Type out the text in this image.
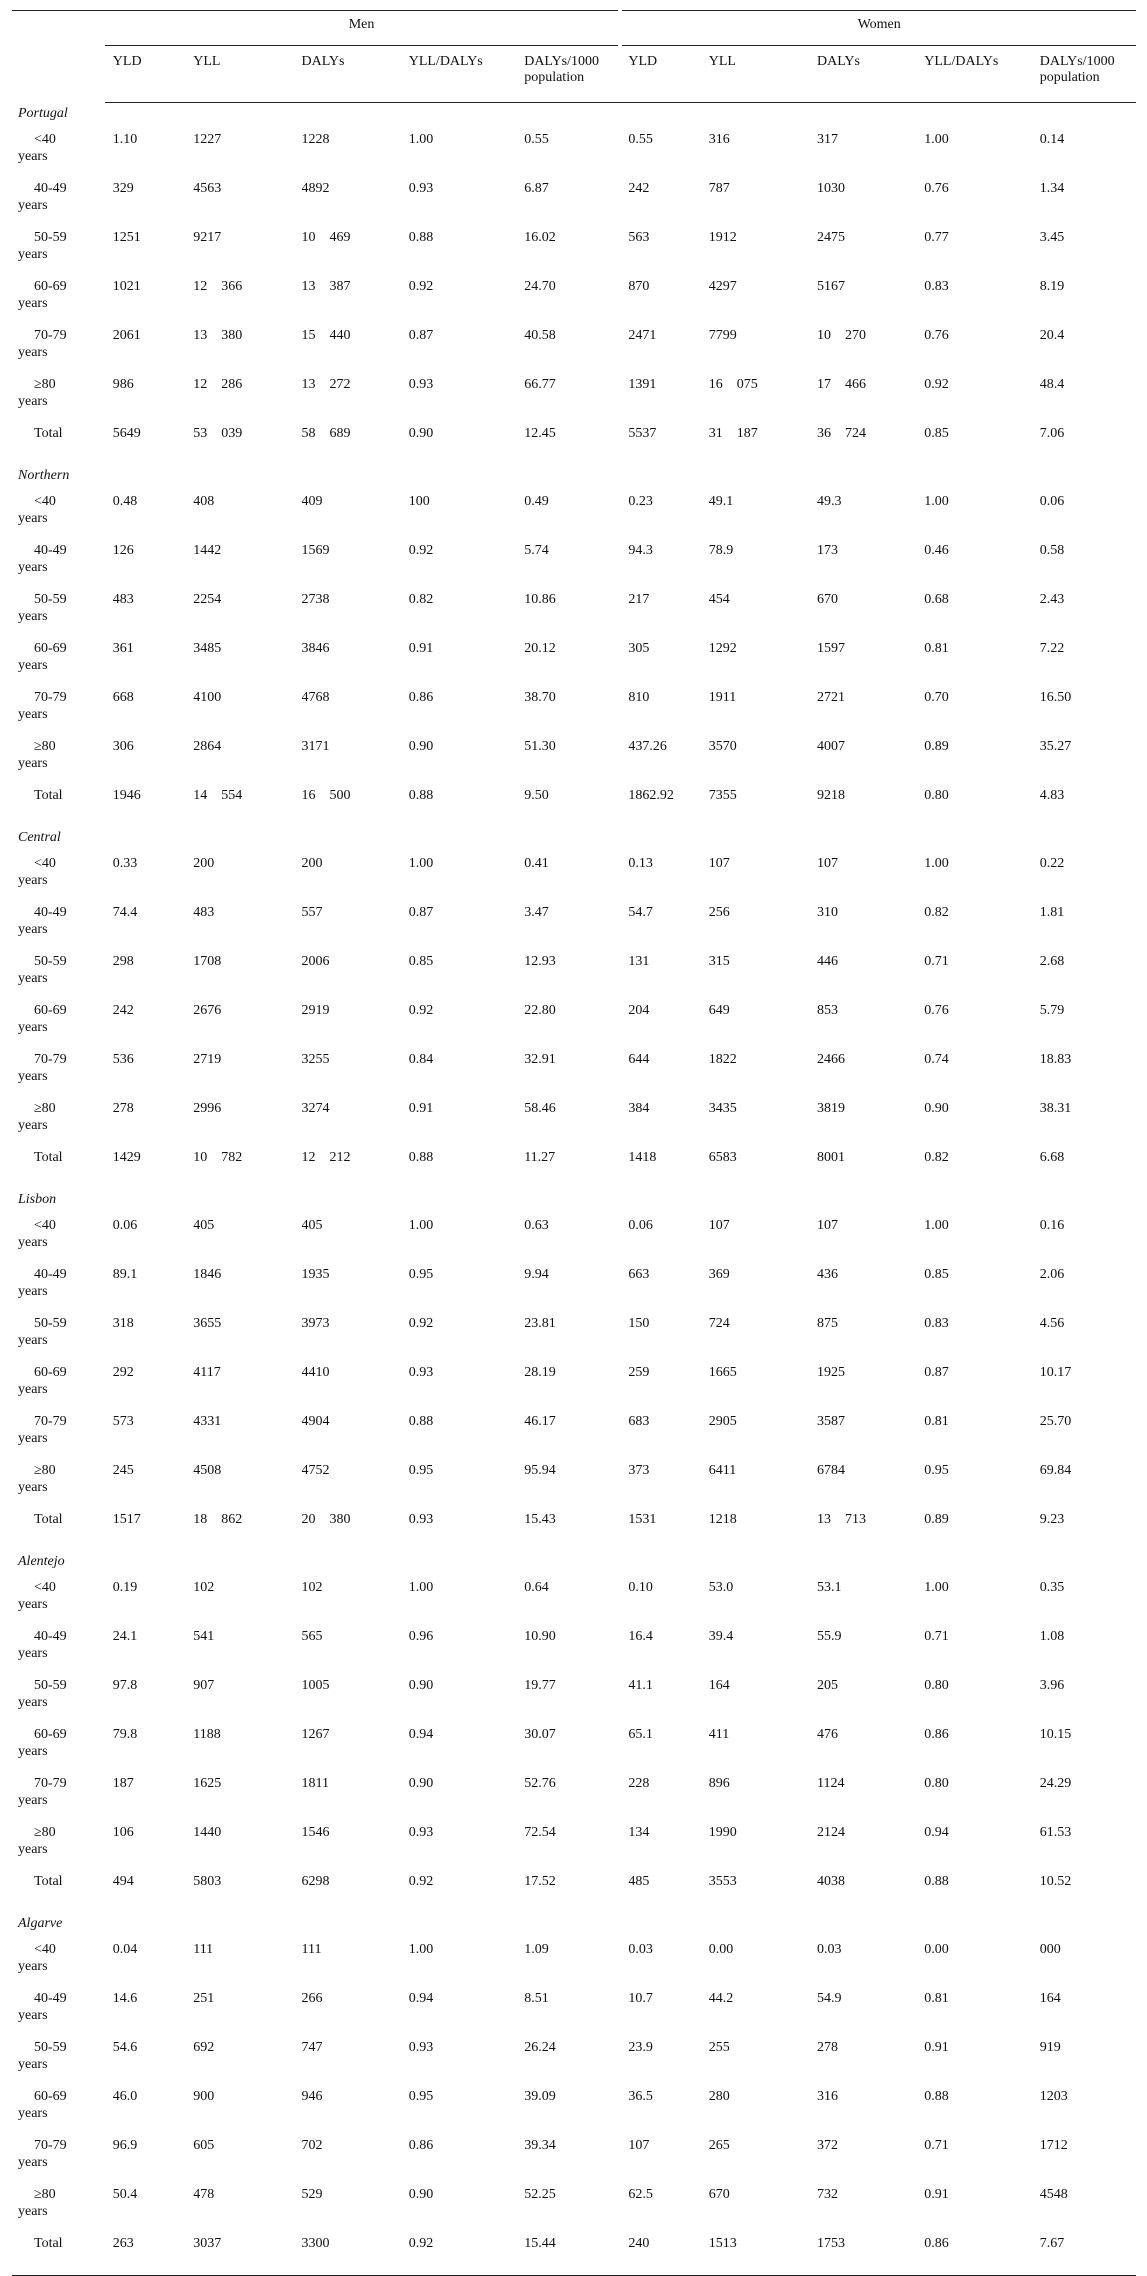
	Men					Women				
	YLD	YLL	DALYs	YLL/DALYs	DALYs/1000 population	YLD	YLL	DALYs	YLL/DALYs	DALYs/1000 population
Portugal										
<40
years	1.10	1227	1228	1.00	0.55	0.55	316	317	1.00	0.14
40-49
years	329	4563	4892	0.93	6.87	242	787	1030	0.76	1.34
50-59
years	1251	9217	10 469	0.88	16.02	563	1912	2475	0.77	3.45
60-69
years	1021	12 366	13 387	0.92	24.70	870	4297	5167	0.83	8.19
70-79
years	2061	13 380	15 440	0.87	40.58	2471	7799	10 270	0.76	20.4
≥80
years	986	12 286	13 272	0.93	66.77	1391	16 075	17 466	0.92	48.4
Total	5649	53 039	58 689	0.90	12.45	5537	31 187	36 724	0.85	7.06
Northern										
<40
years	0.48	408	409	100	0.49	0.23	49.1	49.3	1.00	0.06
40-49
years	126	1442	1569	0.92	5.74	94.3	78.9	173	0.46	0.58
50-59
years	483	2254	2738	0.82	10.86	217	454	670	0.68	2.43
60-69
years	361	3485	3846	0.91	20.12	305	1292	1597	0.81	7.22
70-79
years	668	4100	4768	0.86	38.70	810	1911	2721	0.70	16.50
≥80
years	306	2864	3171	0.90	51.30	437.26	3570	4007	0.89	35.27
Total	1946	14 554	16 500	0.88	9.50	1862.92	7355	9218	0.80	4.83
Central										
<40
years	0.33	200	200	1.00	0.41	0.13	107	107	1.00	0.22
40-49
years	74.4	483	557	0.87	3.47	54.7	256	310	0.82	1.81
50-59
years	298	1708	2006	0.85	12.93	131	315	446	0.71	2.68
60-69
years	242	2676	2919	0.92	22.80	204	649	853	0.76	5.79
70-79
years	536	2719	3255	0.84	32.91	644	1822	2466	0.74	18.83
≥80
years	278	2996	3274	0.91	58.46	384	3435	3819	0.90	38.31
Total	1429	10 782	12 212	0.88	11.27	1418	6583	8001	0.82	6.68
Lisbon										
<40
years	0.06	405	405	1.00	0.63	0.06	107	107	1.00	0.16
40-49
years	89.1	1846	1935	0.95	9.94	663	369	436	0.85	2.06
50-59
years	318	3655	3973	0.92	23.81	150	724	875	0.83	4.56
60-69
years	292	4117	4410	0.93	28.19	259	1665	1925	0.87	10.17
70-79
years	573	4331	4904	0.88	46.17	683	2905	3587	0.81	25.70
≥80
years	245	4508	4752	0.95	95.94	373	6411	6784	0.95	69.84
Total	1517	18 862	20 380	0.93	15.43	1531	1218	13 713	0.89	9.23
Alentejo										
<40
years	0.19	102	102	1.00	0.64	0.10	53.0	53.1	1.00	0.35
40-49
years	24.1	541	565	0.96	10.90	16.4	39.4	55.9	0.71	1.08
50-59
years	97.8	907	1005	0.90	19.77	41.1	164	205	0.80	3.96
60-69
years	79.8	1188	1267	0.94	30.07	65.1	411	476	0.86	10.15
70-79
years	187	1625	1811	0.90	52.76	228	896	1124	0.80	24.29
≥80
years	106	1440	1546	0.93	72.54	134	1990	2124	0.94	61.53
Total	494	5803	6298	0.92	17.52	485	3553	4038	0.88	10.52
Algarve										
<40
years	0.04	111	111	1.00	1.09	0.03	0.00	0.03	0.00	000
40-49
years	14.6	251	266	0.94	8.51	10.7	44.2	54.9	0.81	164
50-59
years	54.6	692	747	0.93	26.24	23.9	255	278	0.91	919
60-69
years	46.0	900	946	0.95	39.09	36.5	280	316	0.88	1203
70-79
years	96.9	605	702	0.86	39.34	107	265	372	0.71	1712
≥80
years	50.4	478	529	0.90	52.25	62.5	670	732	0.91	4548
Total	263	3037	3300	0.92	15.44	240	1513	1753	0.86	7.67
